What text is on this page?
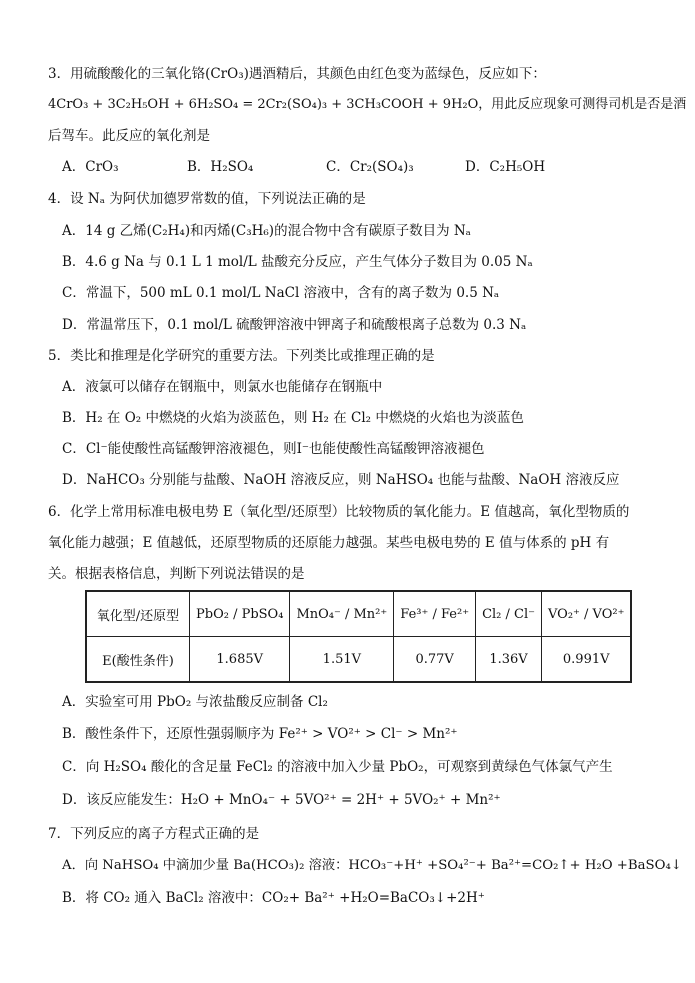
3．用硫酸酸化的三氧化铬(CrO₃)遇酒精后，其颜色由红色变为蓝绿色，反应如下：
4CrO₃ + 3C₂H₅OH + 6H₂SO₄ = 2Cr₂(SO₄)₃ + 3CH₃COOH + 9H₂O，用此反应现象可测得司机是否是酒
后驾车。此反应的氧化剂是
A．CrO₃	B．H₂SO₄	C．Cr₂(SO₄)₃	D．C₂H₅OH
4．设 Nₐ 为阿伏加德罗常数的值，下列说法正确的是
A．14 g 乙烯(C₂H₄)和丙烯(C₃H₆)的混合物中含有碳原子数目为 Nₐ
B．4.6 g Na 与 0.1 L 1 mol/L 盐酸充分反应，产生气体分子数目为 0.05 Nₐ
C．常温下，500 mL 0.1 mol/L NaCl 溶液中，含有的离子数为 0.5 Nₐ
D．常温常压下，0.1 mol/L 硫酸钾溶液中钾离子和硫酸根离子总数为 0.3 Nₐ
5．类比和推理是化学研究的重要方法。下列类比或推理正确的是
A．液氯可以储存在钢瓶中，则氯水也能储存在钢瓶中
B．H₂ 在 O₂ 中燃烧的火焰为淡蓝色，则 H₂ 在 Cl₂ 中燃烧的火焰也为淡蓝色
C．Cl⁻能使酸性高锰酸钾溶液褪色，则I⁻也能使酸性高锰酸钾溶液褪色
D．NaHCO₃ 分别能与盐酸、NaOH 溶液反应，则 NaHSO₄ 也能与盐酸、NaOH 溶液反应
6．化学上常用标准电极电势 E（氧化型/还原型）比较物质的氧化能力。E 值越高，氧化型物质的
氧化能力越强；E 值越低，还原型物质的还原能力越强。某些电极电势的 E 值与体系的 pH 有
关。根据表格信息，判断下列说法错误的是
氧化型/还原型	PbO₂ / PbSO₄	MnO₄⁻ / Mn²⁺	Fe³⁺ / Fe²⁺	Cl₂ / Cl⁻	VO₂⁺ / VO²⁺
E(酸性条件)	1.685V	1.51V	0.77V	1.36V	0.991V
A．实验室可用 PbO₂ 与浓盐酸反应制备 Cl₂
B．酸性条件下，还原性强弱顺序为 Fe²⁺ > VO²⁺ > Cl⁻ > Mn²⁺
C．向 H₂SO₄ 酸化的含足量 FeCl₂ 的溶液中加入少量 PbO₂，可观察到黄绿色气体氯气产生
D．该反应能发生：H₂O + MnO₄⁻ + 5VO²⁺ = 2H⁺ + 5VO₂⁺ + Mn²⁺
7．下列反应的离子方程式正确的是
A．向 NaHSO₄ 中滴加少量 Ba(HCO₃)₂ 溶液：HCO₃⁻+H⁺ +SO₄²⁻+ Ba²⁺=CO₂↑+ H₂O +BaSO₄↓
B．将 CO₂ 通入 BaCl₂ 溶液中：CO₂+ Ba²⁺ +H₂O=BaCO₃↓+2H⁺
